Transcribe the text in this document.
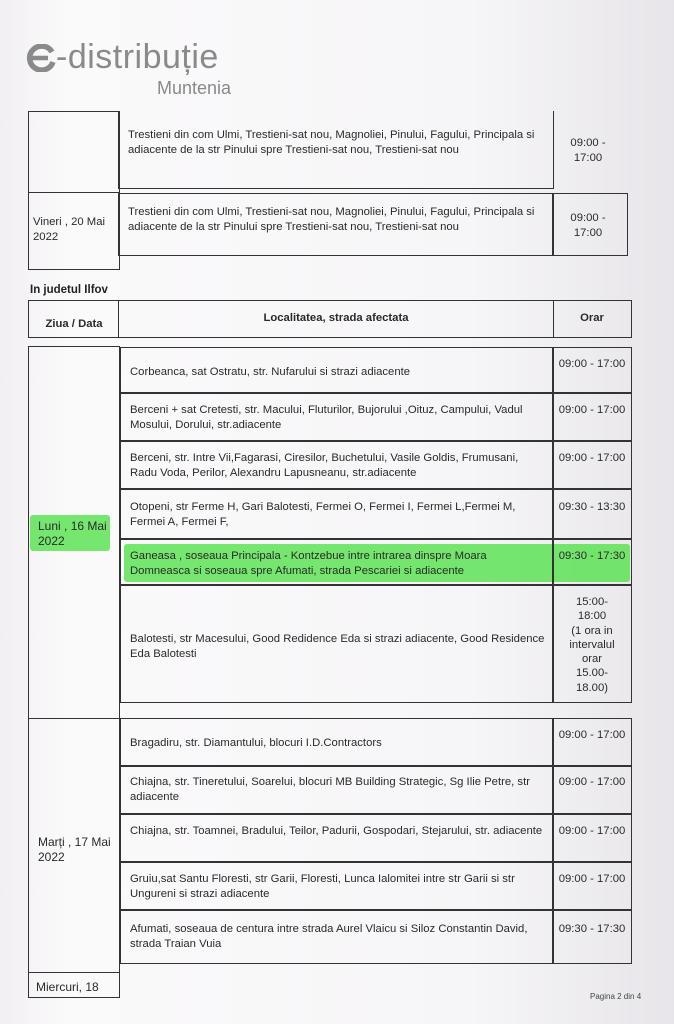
-distribuție
Muntenia
Vineri , 20 Mai 2022
Trestieni din com Ulmi, Trestieni-sat nou, Magnoliei, Pinului, Fagului, Principala si adiacente de la str Pinului spre Trestieni-sat nou, Trestieni-sat nou
09:00 - 17:00
Trestieni din com Ulmi, Trestieni-sat nou, Magnoliei, Pinului, Fagului, Principala si adiacente de la str Pinului spre Trestieni-sat nou, Trestieni-sat nou
09:00 - 17:00
In judetul Ilfov
Ziua / Data	Localitatea, strada afectata	Orar
Luni , 16 Mai 2022
Corbeanca, sat Ostratu, str. Nufarului si strazi adiacente
09:00 - 17:00
Berceni + sat Cretesti, str. Macului, Fluturilor, Bujorului ,Oituz, Campului, Vadul Mosului, Dorului, str.adiacente
09:00 - 17:00
Berceni, str. Intre Vii,Fagarasi, Ciresilor, Buchetului, Vasile Goldis, Frumusani, Radu Voda, Perilor, Alexandru Lapusneanu, str.adiacente
09:00 - 17:00
Otopeni, str Ferme H, Gari Balotesti, Fermei O, Fermei I, Fermei L,Fermei M, Fermei A, Fermei F,
09:30 - 13:30
Ganeasa , soseaua Principala - Kontzebue intre intrarea dinspre Moara Domneasca si soseaua spre Afumati, strada Pescariei si adiacente
09:30 - 17:30
Balotesti, str Macesului, Good Redidence Eda si strazi adiacente, Good Residence Eda Balotesti
15:00-
18:00
(1 ora in
intervalul
orar
15.00-
18.00)
Marți , 17 Mai 2022
Bragadiru, str. Diamantului, blocuri I.D.Contractors
09:00 - 17:00
Chiajna, str. Tineretului, Soarelui, blocuri MB Building Strategic, Sg Ilie Petre, str adiacente
09:00 - 17:00
Chiajna, str. Toamnei, Bradului, Teilor, Padurii, Gospodari, Stejarului, str. adiacente	09:00 - 17:00
Gruiu,sat Santu Floresti, str Garii, Floresti, Lunca Ialomitei intre str Garii si str Ungureni si strazi adiacente
09:00 - 17:00
Afumati, soseaua de centura intre strada Aurel Vlaicu si Siloz Constantin David, strada Traian Vuia
09:30 - 17:30
Miercuri, 18
Pagina 2 din 4
